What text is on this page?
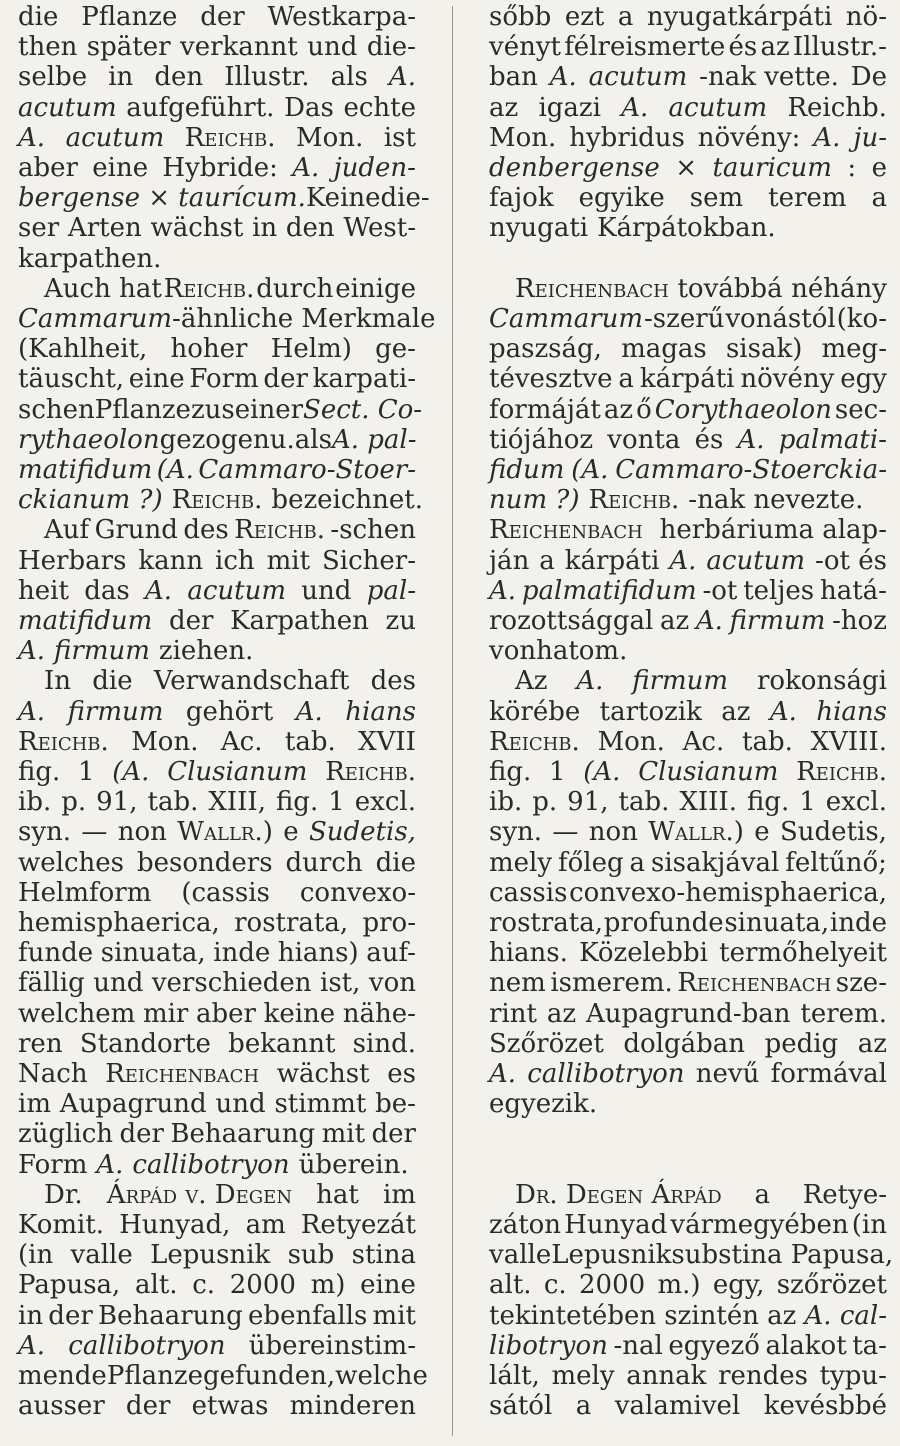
die Pflanze der Westkarpa-
then später verkannt und die-
selbe in den Illustr. als A.
acutum aufgeführt. Das echte
A. acutum Reichb. Mon. ist
aber eine Hybride: A. juden-
bergense × taurícum. Keine die-
ser Arten wächst in den West-
karpathen.
Auch hat Reichb. durch einige
Cammarum -ähnliche Merkmale
(Kahlheit, hoher Helm) ge-
täuscht, eine Form der karpati-
schen Pflanze zu seiner Sect. Co-
rythaeolon gezogen u. als A. pal-
matifidum (A. Cammaro-Stoer-
ckianum ?) Reichb. bezeichnet.
Auf Grund des Reichb. -schen
Herbars kann ich mit Sicher-
heit das A. acutum und pal-
matifidum der Karpathen zu
A. firmum ziehen.
In die Verwandschaft des
A. firmum gehört A. hians
Reichb. Mon. Ac. tab. XVII
fig. 1 (A. Clusianum Reichb.
ib. p. 91, tab. XIII, fig. 1 excl.
syn. — non Wallr.) e Sudetis,
welches besonders durch die
Helmform (cassis convexo-
hemisphaerica, rostrata, pro-
funde sinuata, inde hians) auf-
fällig und verschieden ist, von
welchem mir aber keine nähe-
ren Standorte bekannt sind.
Nach Reichenbach wächst es
im Aupagrund und stimmt be-
züglich der Behaarung mit der
Form A. callibotryon überein.
Dr. Árpád v. Degen hat im
Komit. Hunyad, am Retyezát
(in valle Lepusnik sub stina
Papusa, alt. c. 2000 m) eine
in der Behaarung ebenfalls mit
A. callibotryon übereinstim-
mende Pflanze gefunden,welche
ausser der etwas minderen
sőbb ezt a nyugatkárpáti nö-
vényt félreismerte és az Illustr.-
ban A. acutum -nak vette. De
az igazi A. acutum Reichb.
Mon. hybridus növény: A. ju-
denbergense × tauricum : e
fajok egyike sem terem a
nyugati Kárpátokban.
Reichenbach továbbá néhány
Cammarum -szerű vonástól (ko-
paszság, magas sisak) meg-
tévesztve a kárpáti növény egy
formáját az ő Corythaeolon sec-
tiójához vonta és A. palmati-
fidum (A. Cammaro-Stoerckia-
num ?) Reichb. -nak nevezte.
Reichenbach herbáriuma alap-
ján a kárpáti A. acutum -ot és
A. palmatifidum -ot teljes hatá-
rozottsággal az A. firmum -hoz
vonhatom.
Az A. firmum rokonsági
körébe tartozik az A. hians
Reichb. Mon. Ac. tab. XVIII.
fig. 1 (A. Clusianum Reichb.
ib. p. 91, tab. XIII. fig. 1 excl.
syn. — non Wallr.) e Sudetis,
mely főleg a sisakjával feltűnő;
cassis convexo-hemisphaerica,
rostrata, profunde sinuata, inde
hians. Közelebbi termőhelyeit
nem ismerem. Reichenbach sze-
rint az Aupagrund-ban terem.
Szőrözet dolgában pedig az
A. callibotryon nevű formával
egyezik.
Dr. Degen Árpád a Retye-
záton Hunyad vármegyében (in
valle Lepusnik sub stina Papusa,
alt. c. 2000 m.) egy, szőrözet
tekintetében szintén az A. cal-
libotryon -nal egyező alakot ta-
lált, mely annak rendes typu-
sától a valamivel kevésbbé
